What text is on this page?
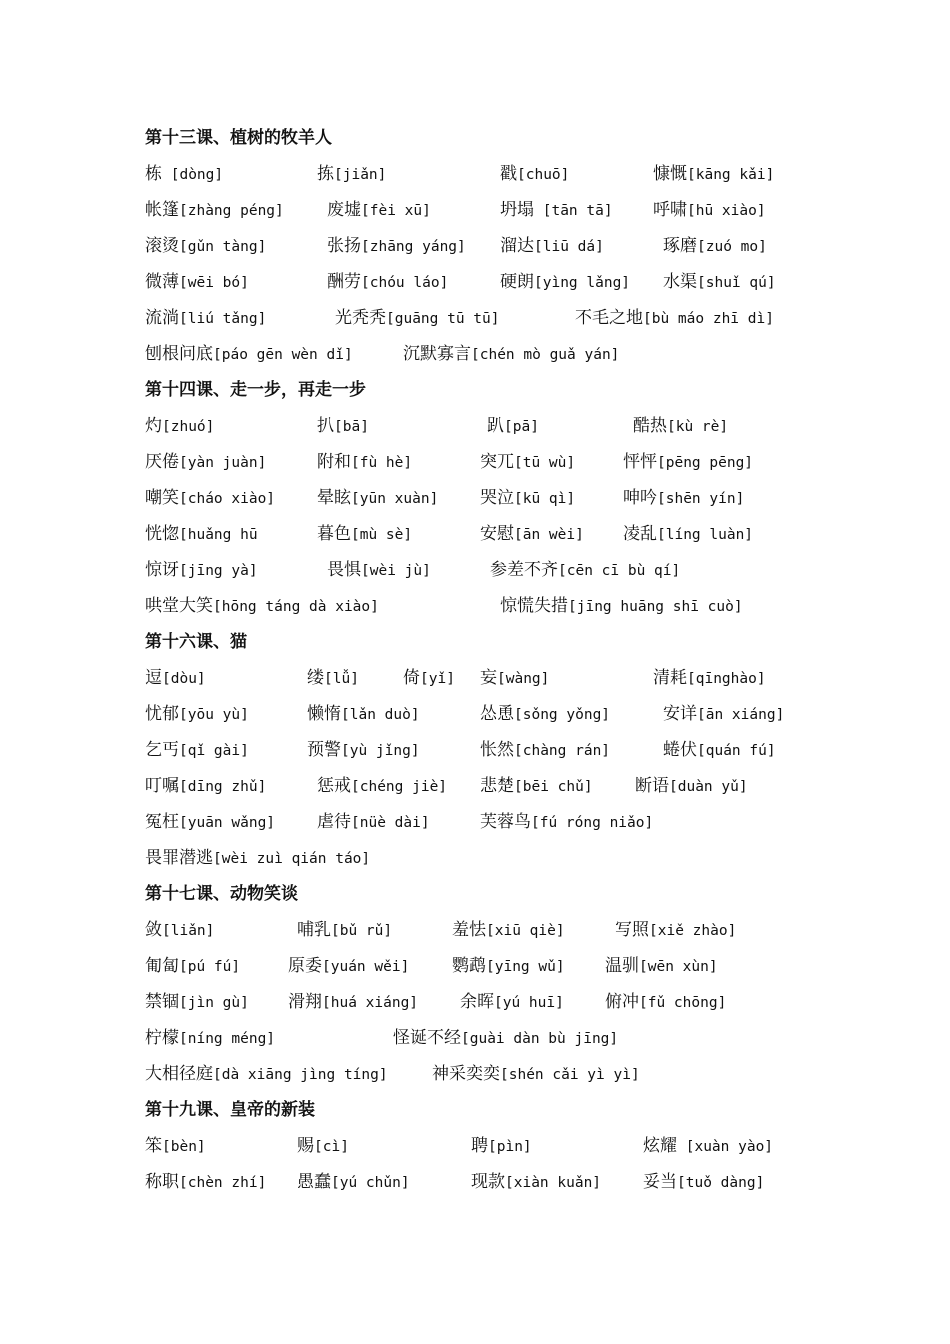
第十三课、植树的牧羊人
栋 [dòng]	拣[jiǎn]	戳[chuō]	慷慨[kāng kǎi]
帐篷[zhàng péng]	废墟[fèi xū]	坍塌 [tān tā] 呼啸[hū xiào]
滚烫[gǔn tàng]	张扬[zhāng yáng] 溜达[liū dá]	琢磨[zuó mo]
微薄[wēi bó]	酬劳[chóu láo]	硬朗[yìng lǎng] 水渠[shuǐ qú]
流淌[liú tǎng]	光秃秃[guāng tū tū]	不毛之地[bù máo zhī dì]
刨根问底[páo gēn wèn dǐ]	沉默寡言[chén mò guǎ yán]
第十四课、走一步，再走一步
灼[zhuó]	扒[bā]	趴[pā]	酷热[kù rè]
厌倦[yàn juàn]	附和[fù hè]	突兀[tū wù]	怦怦[pēng pēng]
嘲笑[cháo xiào] 晕眩[yūn xuàn] 哭泣[kū qì]	呻吟[shēn yín]
恍惚[huǎng hū	暮色[mù sè]	安慰[ān wèi] 凌乱[líng luàn]
惊讶[jīng yà]	畏惧[wèi jù]	参差不齐[cēn cī bù qí]
哄堂大笑[hōng táng dà xiào]	惊慌失措[jīng huāng shī cuò]
第十六课、猫
逗[dòu]	缕[lǚ]	倚[yǐ] 妄[wàng]	清耗[qīnghào]
忧郁[yōu yù]	懒惰[lǎn duò]	怂恿[sǒng yǒng]	安详[ān xiáng]
乞丐[qǐ gài]	预警[yù jǐng]	怅然[chàng rán]	蜷伏[quán fú]
叮嘱[dīng zhǔ]	惩戒[chéng jiè] 悲楚[bēi chǔ] 断语[duàn yǔ]
冤枉[yuān wǎng] 虐待[nüè dài]	芙蓉鸟[fú róng niǎo]
畏罪潜逃[wèi zuì qián táo]
第十七课、动物笑谈
敛[liǎn]	哺乳[bǔ rǔ]	羞怯[xiū qiè]	写照[xiě zhào]
匍匐[pú fú]	原委[yuán wěi]	鹦鹉[yīng wǔ] 温驯[wēn xùn]
禁锢[jìn gù] 滑翔[huá xiáng] 余晖[yú huī] 俯冲[fǔ chōng]
柠檬[níng méng]	怪诞不经[guài dàn bù jīng]
大相径庭[dà xiāng jìng tíng]	神采奕奕[shén cǎi yì yì]
第十九课、皇帝的新装
笨[bèn]	赐[cì]	聘[pìn]	炫耀 [xuàn yào]
称职[chèn zhí] 愚蠢[yú chǔn]	现款[xiàn kuǎn] 妥当[tuǒ dàng]
